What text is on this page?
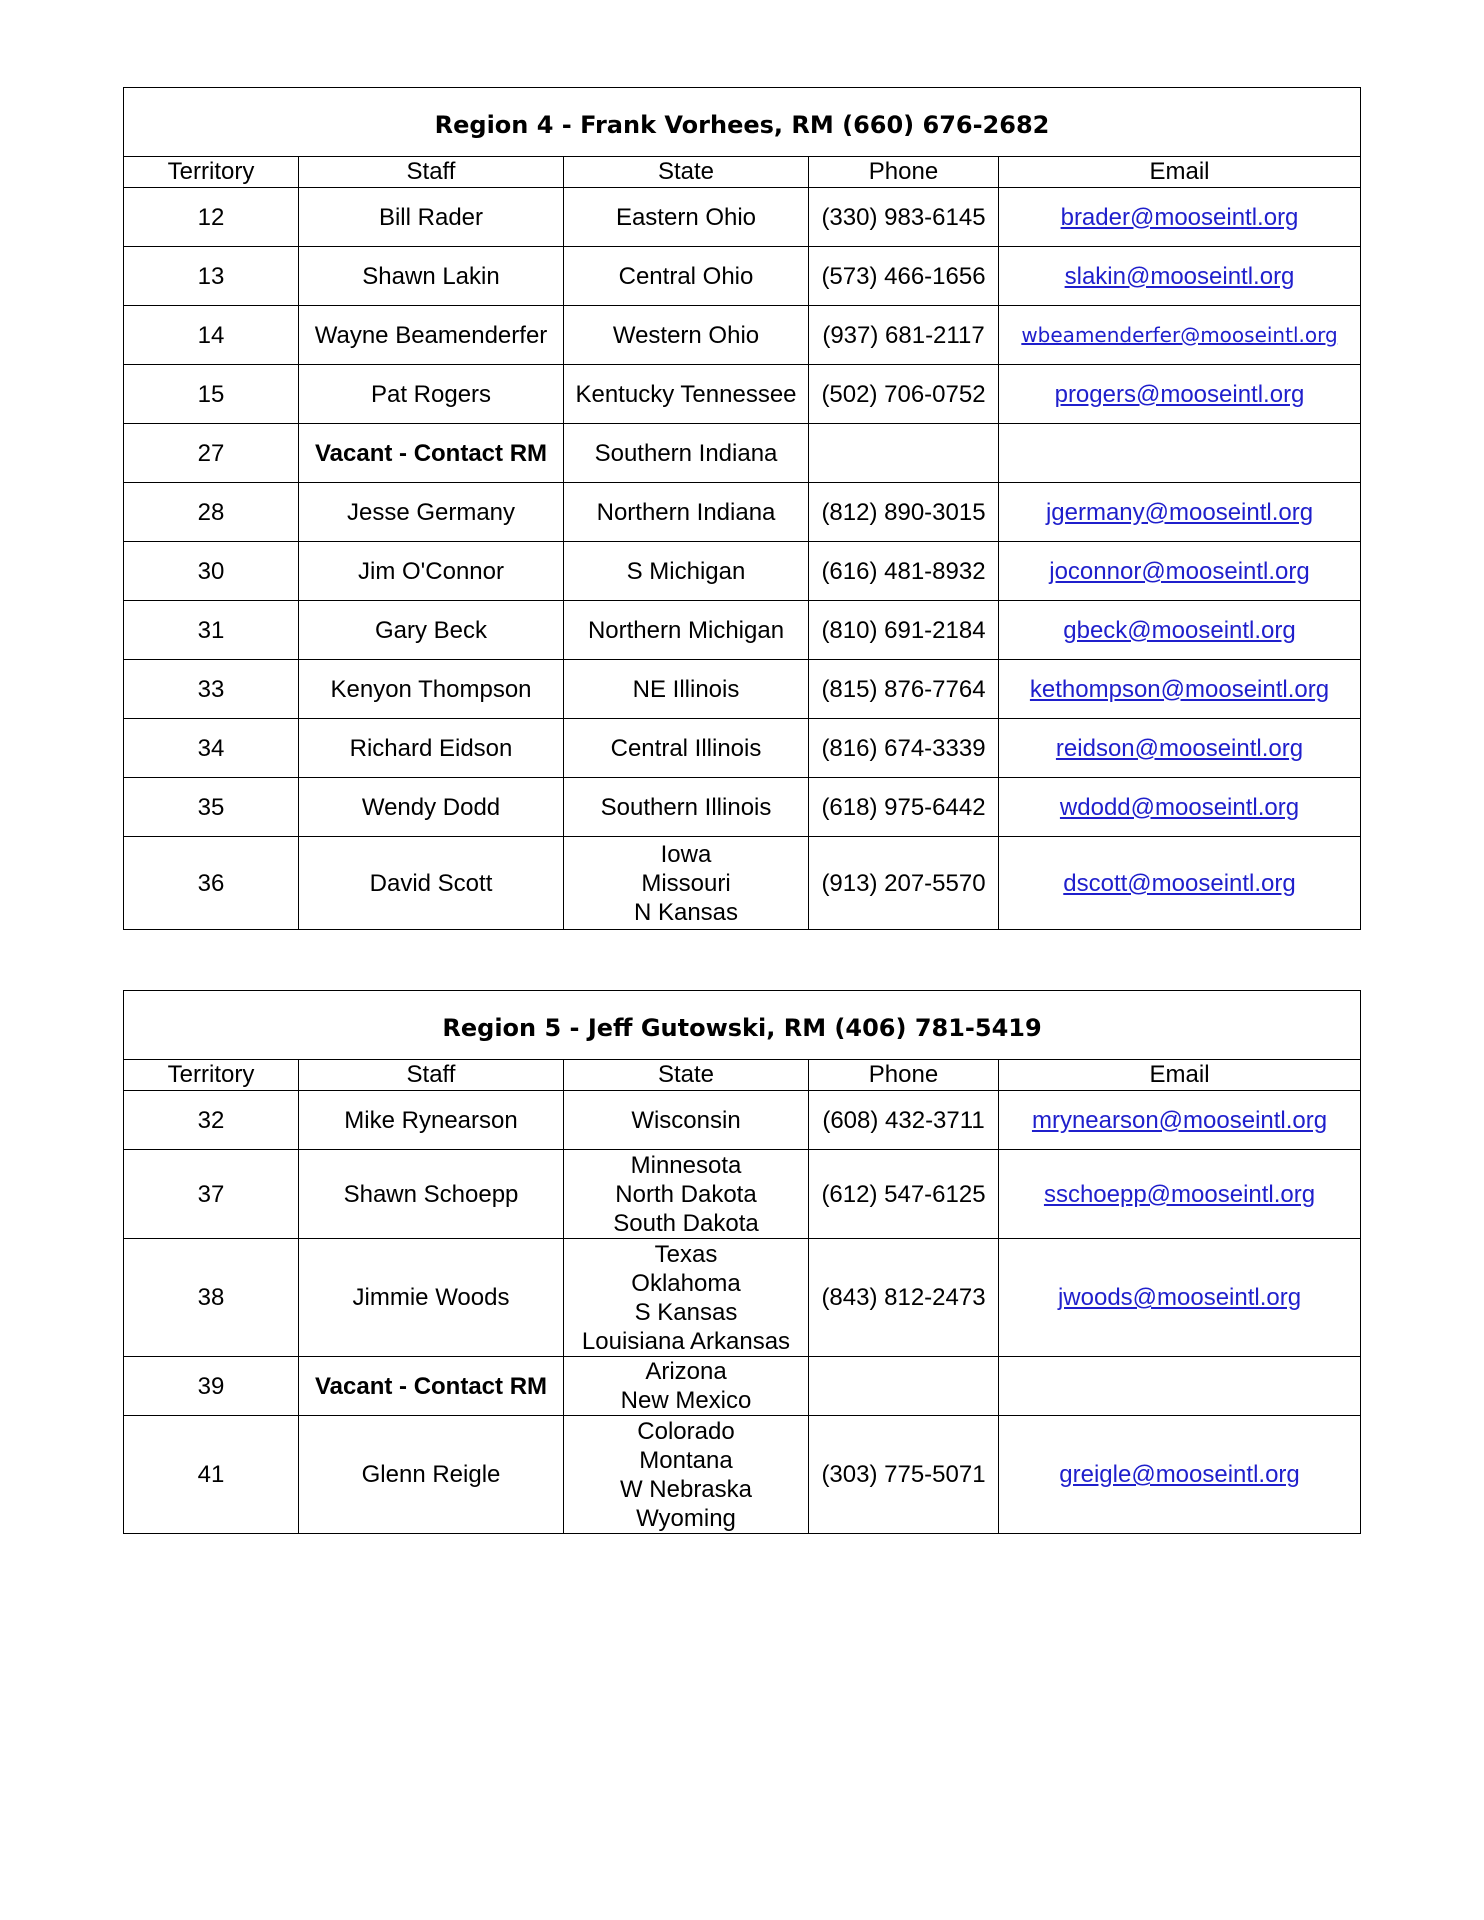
Region 4 - Frank Vorhees, RM (660) 676-2682				
Territory	Staff	State	Phone	Email
12	Bill Rader	Eastern Ohio	(330) 983-6145	brader@mooseintl.org
13	Shawn Lakin	Central Ohio	(573) 466-1656	slakin@mooseintl.org
14	Wayne Beamenderfer	Western Ohio	(937) 681-2117	wbeamenderfer@mooseintl.org
15	Pat Rogers	Kentucky Tennessee	(502) 706-0752	progers@mooseintl.org
27	Vacant - Contact RM	Southern Indiana		

28	Jesse Germany	Northern Indiana	(812) 890-3015	jgermany@mooseintl.org
30	Jim O'Connor	S Michigan	(616) 481-8932	joconnor@mooseintl.org
31	Gary Beck	Northern Michigan	(810) 691-2184	gbeck@mooseintl.org
33	Kenyon Thompson	NE Illinois	(815) 876-7764	kethompson@mooseintl.org
34	Richard Eidson	Central Illinois	(816) 674-3339	reidson@mooseintl.org
35	Wendy Dodd	Southern Illinois	(618) 975-6442	wdodd@mooseintl.org
36	David Scott	Iowa
Missouri
N Kansas	(913) 207-5570	dscott@mooseintl.org
Region 5 - Jeff Gutowski, RM (406) 781-5419				
Territory	Staff	State	Phone	Email
32	Mike Rynearson	Wisconsin	(608) 432-3711	mrynearson@mooseintl.org
37	Shawn Schoepp	Minnesota
North Dakota
South Dakota	(612) 547-6125	sschoepp@mooseintl.org
38	Jimmie Woods	Texas
Oklahoma
S Kansas
Louisiana Arkansas	(843) 812-2473	jwoods@mooseintl.org
39	Vacant - Contact RM	Arizona
New Mexico		

41	Glenn Reigle	Colorado
Montana
W Nebraska
Wyoming	(303) 775-5071	greigle@mooseintl.org
